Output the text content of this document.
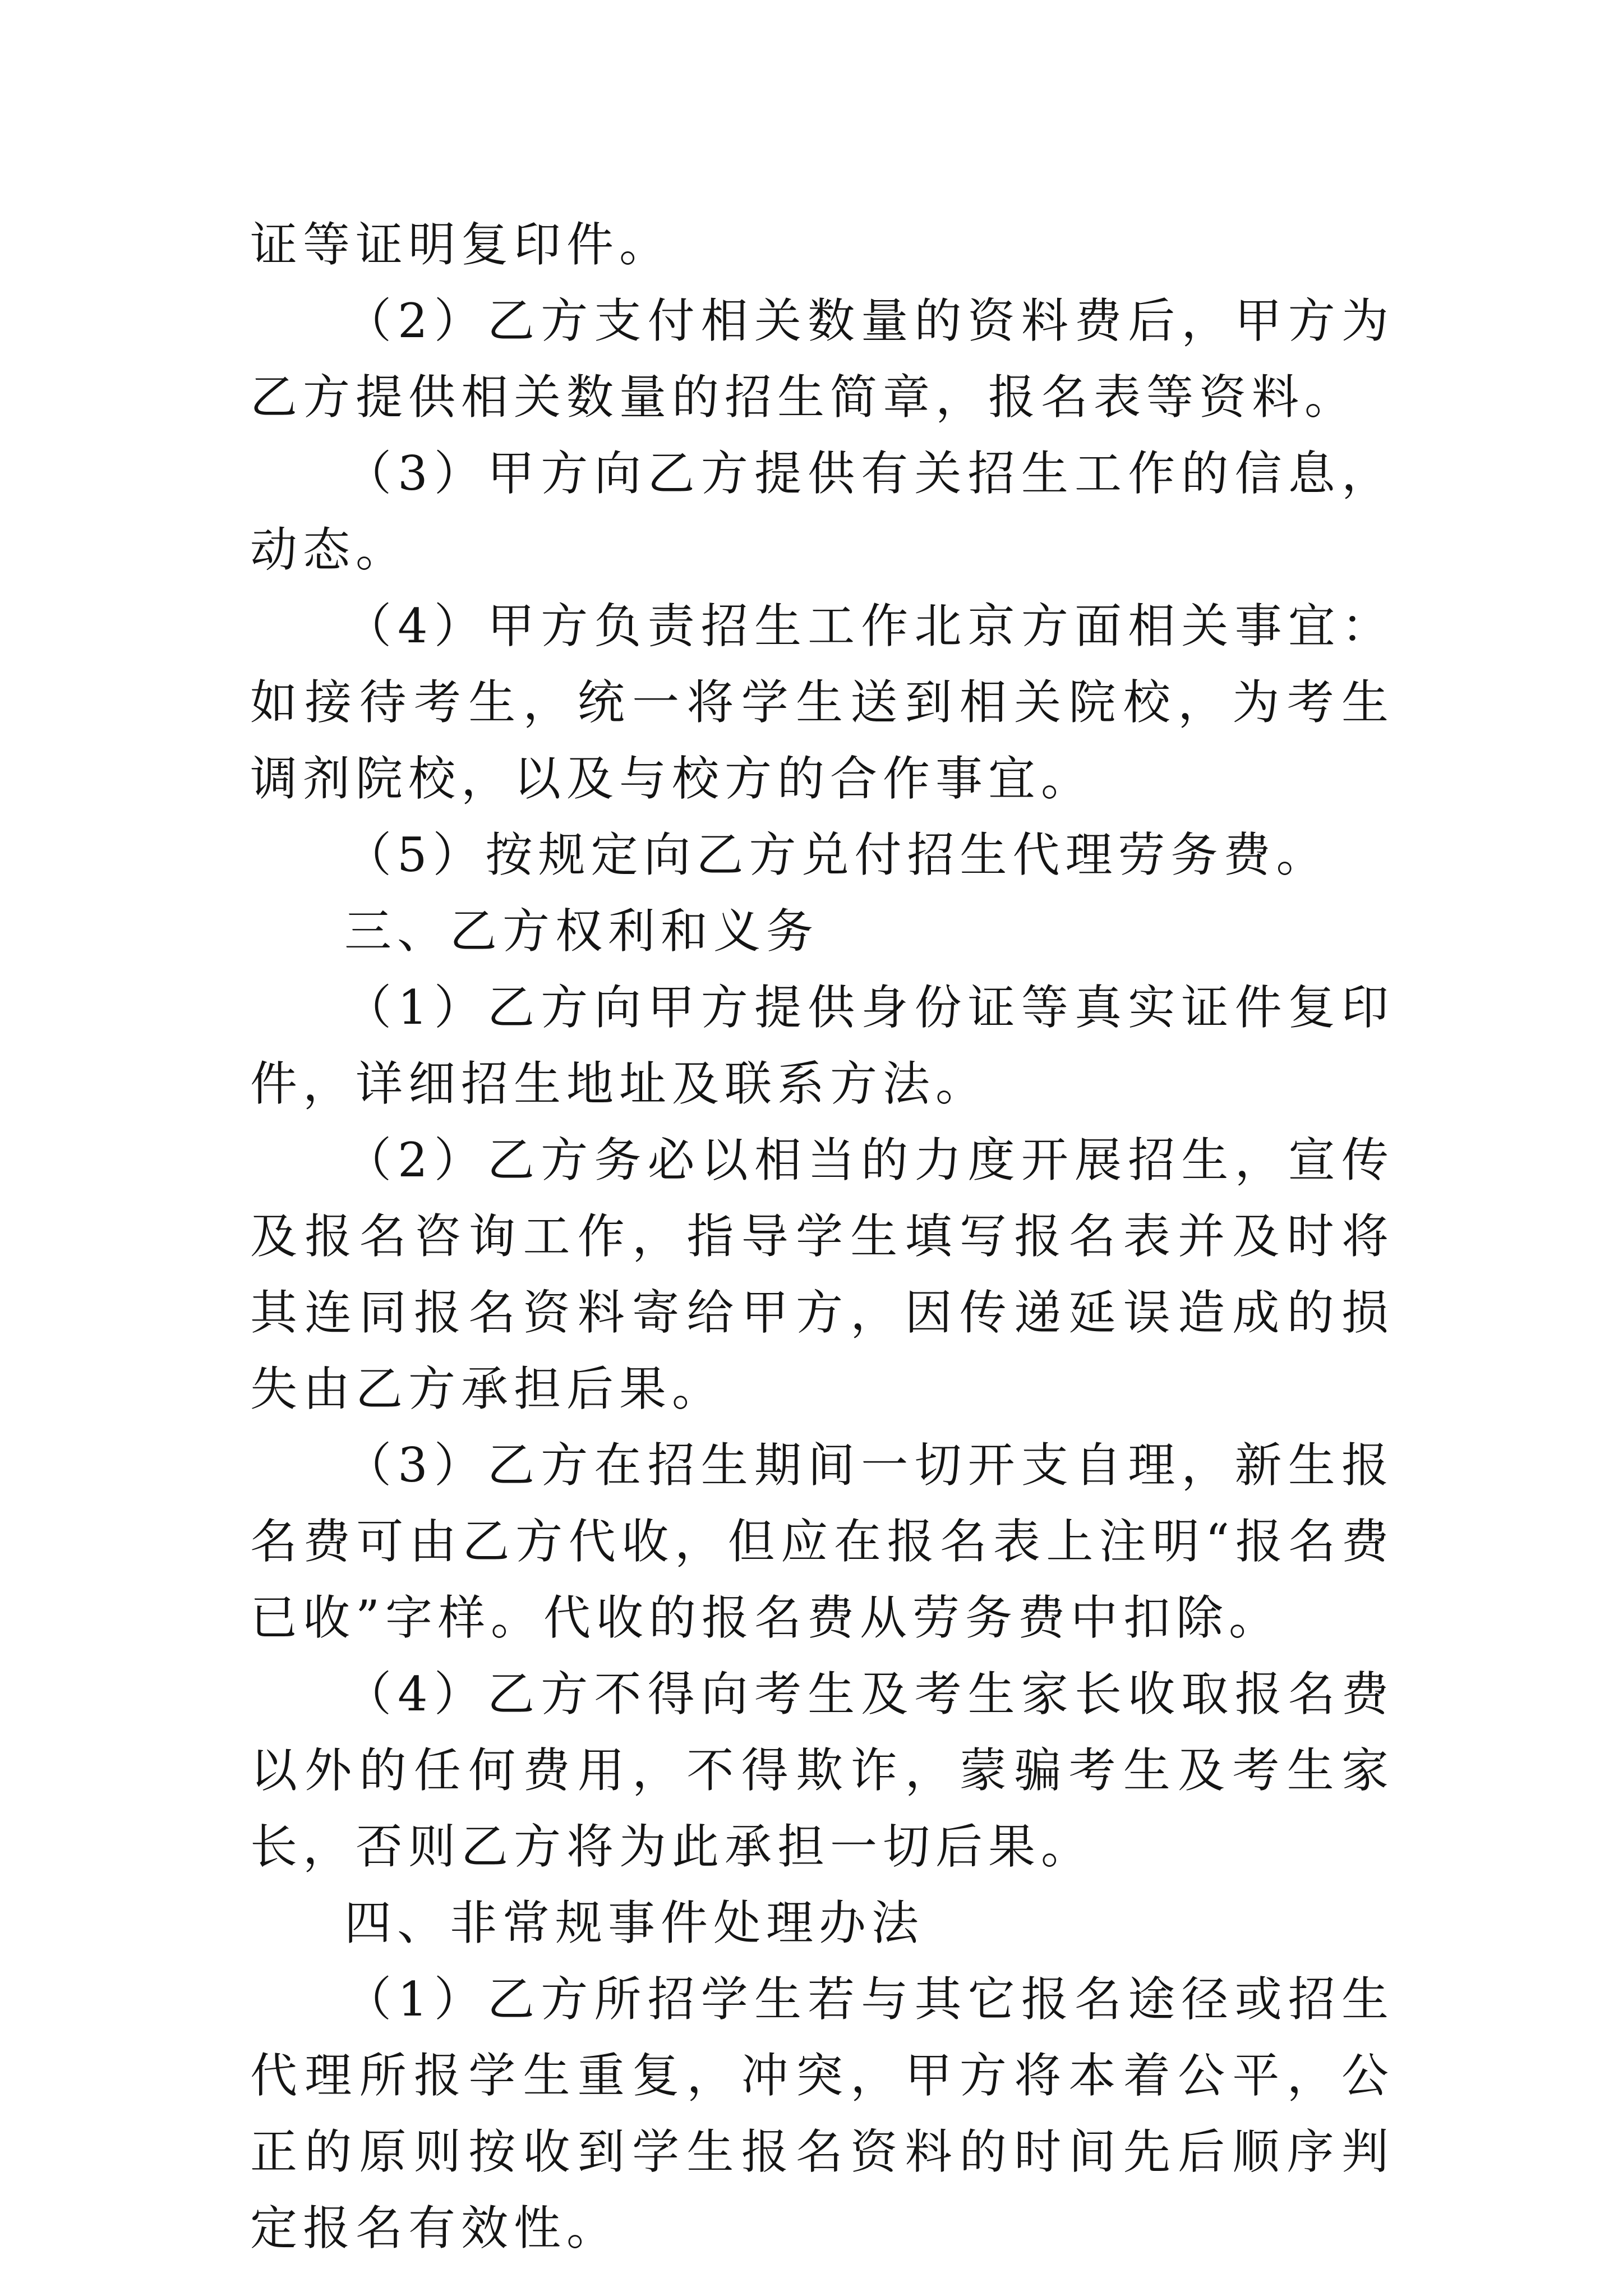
证等证明复印件。

（2）乙方支付相关数量的资料费后，甲方为乙方提供相关数量的招生简章，报名表等资料。

（3）甲方向乙方提供有关招生工作的信息，动态。

（4）甲方负责招生工作北京方面相关事宜：如接待考生，统一将学生送到相关院校，为考生调剂院校，以及与校方的合作事宜。

（5）按规定向乙方兑付招生代理劳务费。

三、乙方权利和义务

（1）乙方向甲方提供身份证等真实证件复印件，详细招生地址及联系方法。

（2）乙方务必以相当的力度开展招生，宣传及报名咨询工作，指导学生填写报名表并及时将其连同报名资料寄给甲方，因传递延误造成的损失由乙方承担后果。

（3）乙方在招生期间一切开支自理，新生报名费可由乙方代收，但应在报名表上注明“报名费已收”字样。代收的报名费从劳务费中扣除。

（4）乙方不得向考生及考生家长收取报名费以外的任何费用，不得欺诈，蒙骗考生及考生家长，否则乙方将为此承担一切后果。

四、非常规事件处理办法

（1）乙方所招学生若与其它报名途径或招生代理所报学生重复，冲突，甲方将本着公平，公正的原则按收到学生报名资料的时间先后顺序判定报名有效性。
